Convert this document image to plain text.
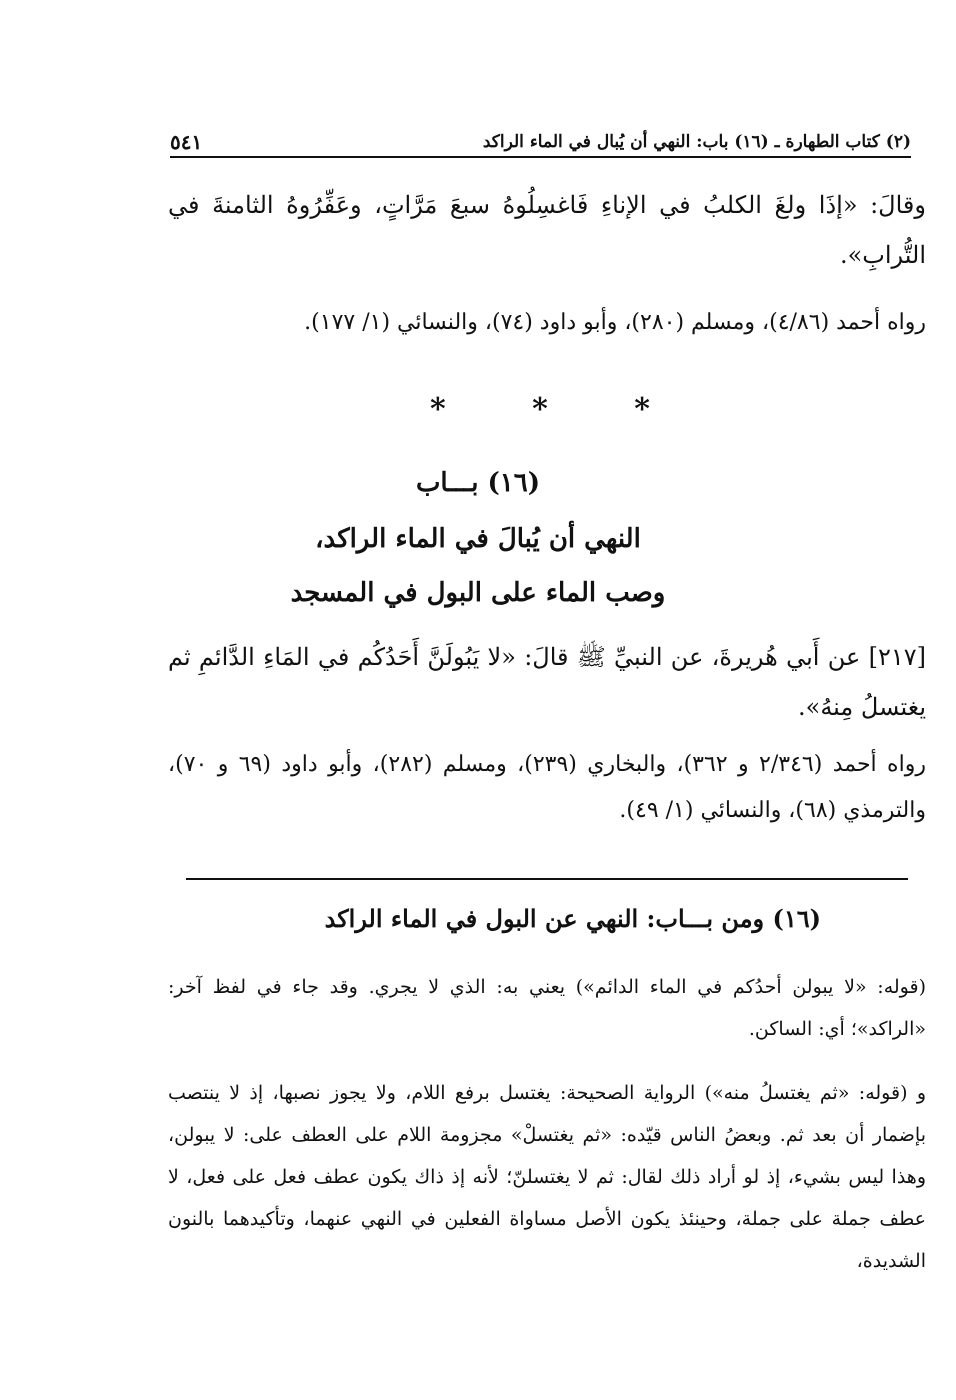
(٢) كتاب الطهارة ـ (١٦) باب: النهي أن يُبال في الماء الراكد
٥٤١
وقالَ: «إذَا ولغَ الكلبُ في الإناءِ فَاغسِلُوهُ سبعَ مَرَّاتٍ، وعَفِّرُوهُ الثامنةَ في التُّرابِ».
رواه أحمد (٤/٨٦)، ومسلم (٢٨٠)، وأبو داود (٧٤)، والنسائي (١/ ١٧٧).
*	*	*
(١٦) بـــاب
النهي أن يُبالَ في الماء الراكد،
وصب الماء على البول في المسجد
[٢١٧] عن أَبي هُريرةَ، عن النبيِّ ﷺ قالَ: «لا يَبُولَنَّ أَحَدُكُم في المَاءِ الدَّائمِ ثم يغتسلُ مِنهُ».
رواه أحمد (٢/٣٤٦ و ٣٦٢)، والبخاري (٢٣٩)، ومسلم (٢٨٢)، وأبو داود (٦٩ و ٧٠)، والترمذي (٦٨)، والنسائي (١/ ٤٩).
(١٦) ومن بـــاب: النهي عن البول في الماء الراكد
(قوله: «لا يبولن أحدُكم في الماء الدائم») يعني به: الذي لا يجري. وقد جاء في لفظ آخر: «الراكد»؛ أي: الساكن.
و (قوله: «ثم يغتسلُ منه») الرواية الصحيحة: يغتسل برفع اللام، ولا يجوز نصبها، إذ لا ينتصب بإضمار أن بعد ثم. وبعضُ الناس قيّده: «ثم يغتسلْ» مجزومة اللام على العطف على: لا يبولن، وهذا ليس بشيء، إذ لو أراد ذلك لقال: ثم لا يغتسلنّ؛ لأنه إذ ذاك يكون عطف فعل على فعل، لا عطف جملة على جملة، وحينئذ يكون الأصل مساواة الفعلين في النهي عنهما، وتأكيدهما بالنون الشديدة،
